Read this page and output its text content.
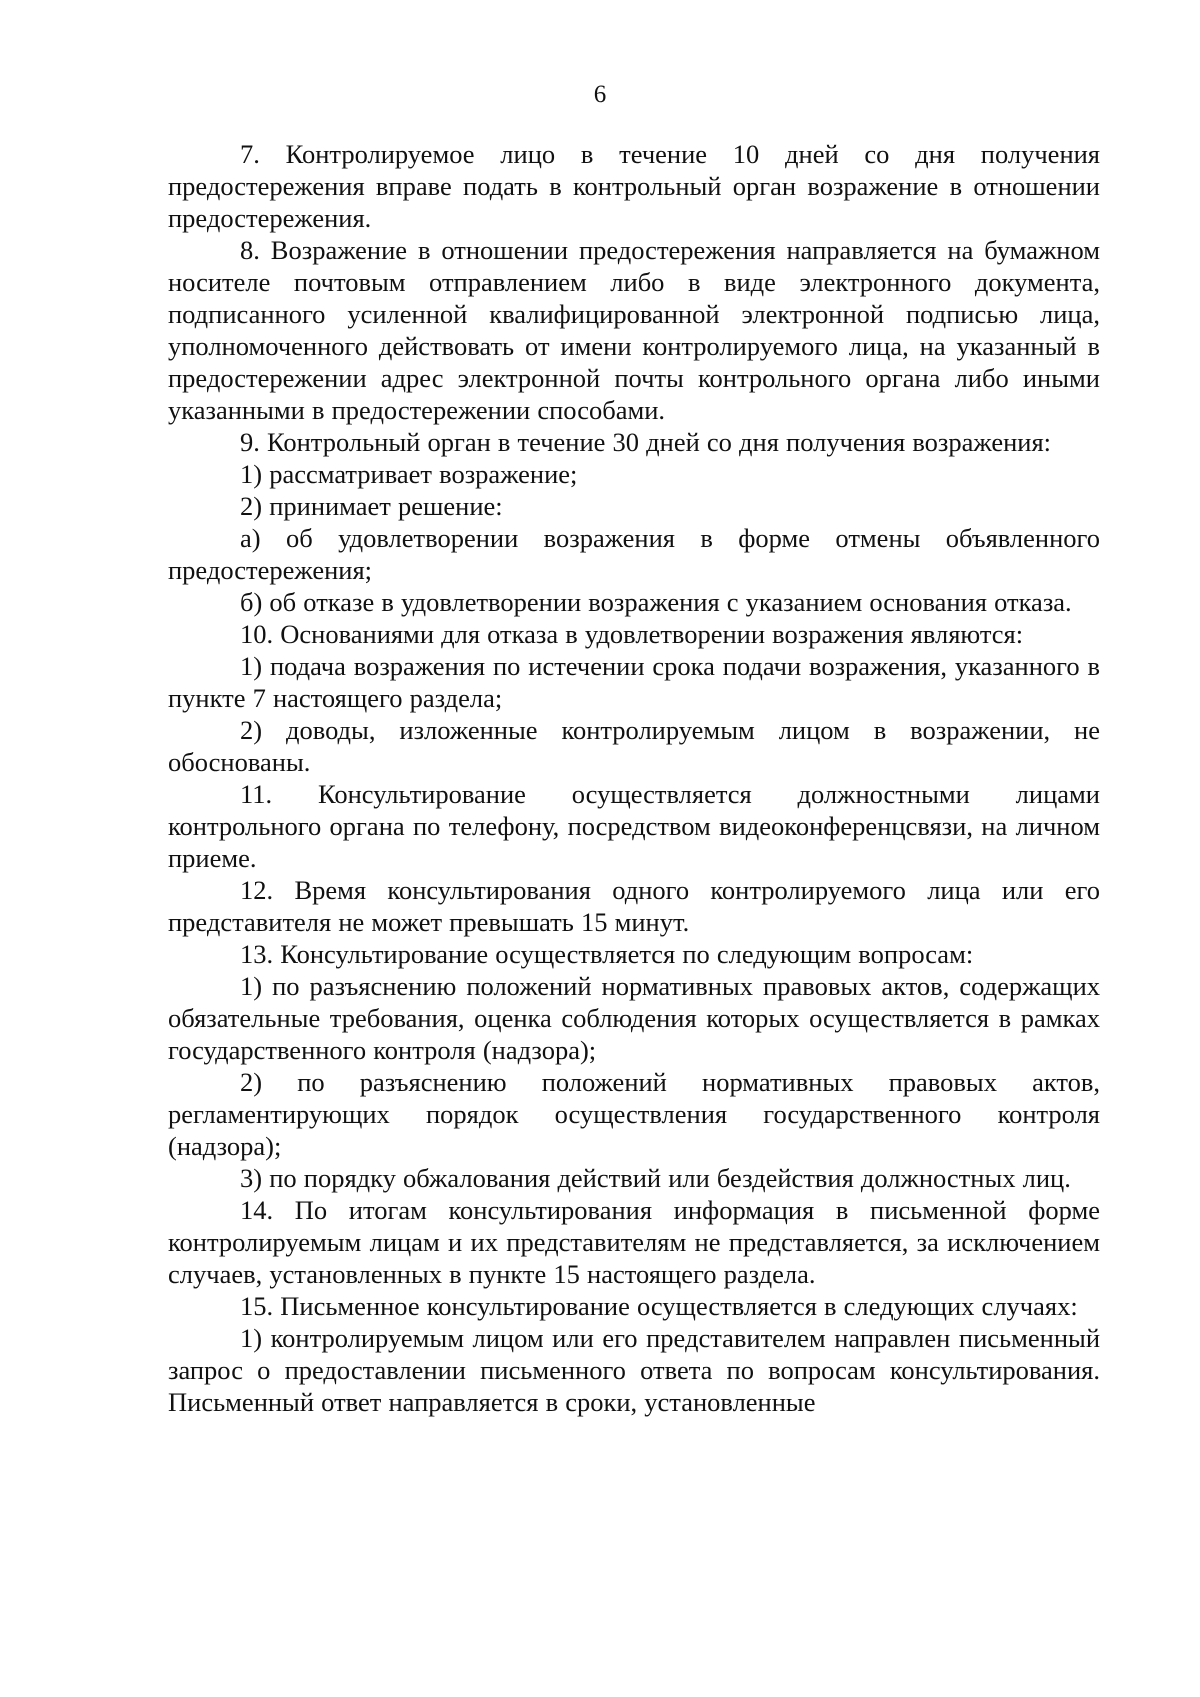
6

7. Контролируемое лицо в течение 10 дней со дня получения предостережения вправе подать в контрольный орган возражение в отношении предостережения.

8. Возражение в отношении предостережения направляется на бумажном носителе почтовым отправлением либо в виде электронного документа, подписанного усиленной квалифицированной электронной подписью лица, уполномоченного действовать от имени контролируемого лица, на указанный в предостережении адрес электронной почты контрольного органа либо иными указанными в предостережении способами.

9. Контрольный орган в течение 30 дней со дня получения возражения:

1) рассматривает возражение;

2) принимает решение:

а) об удовлетворении возражения в форме отмены объявленного предостережения;

б) об отказе в удовлетворении возражения с указанием основания отказа.

10. Основаниями для отказа в удовлетворении возражения являются:

1) подача возражения по истечении срока подачи возражения, указанного в пункте 7 настоящего раздела;

2) доводы, изложенные контролируемым лицом в возражении, не обоснованы.

11. Консультирование осуществляется должностными лицами контрольного органа по телефону, посредством видеоконференцсвязи, на личном приеме.

12. Время консультирования одного контролируемого лица или его представителя не может превышать 15 минут.

13. Консультирование осуществляется по следующим вопросам:

1) по разъяснению положений нормативных правовых актов, содержащих обязательные требования, оценка соблюдения которых осуществляется в рамках государственного контроля (надзора);

2) по разъяснению положений нормативных правовых актов, регламентирующих порядок осуществления государственного контроля (надзора);

3) по порядку обжалования действий или бездействия должностных лиц.

14. По итогам консультирования информация в письменной форме контролируемым лицам и их представителям не представляется, за исключением случаев, установленных в пункте 15 настоящего раздела.

15. Письменное консультирование осуществляется в следующих случаях:

1) контролируемым лицом или его представителем направлен письменный запрос о предоставлении письменного ответа по вопросам консультирования. Письменный ответ направляется в сроки, установленные
